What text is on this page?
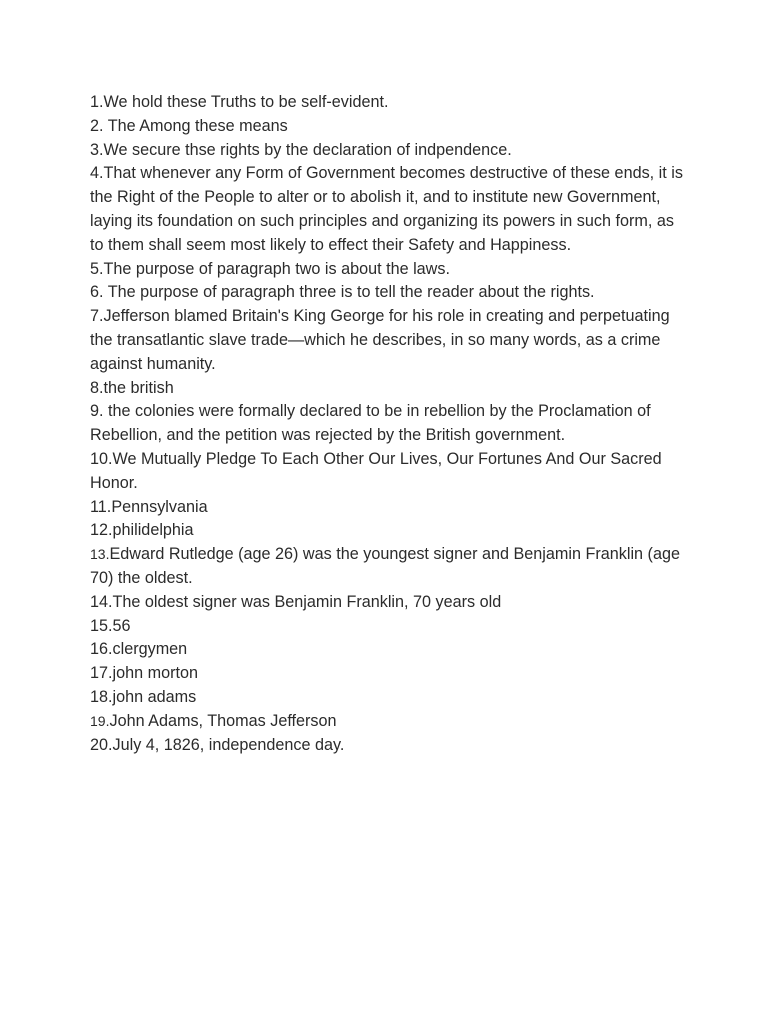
1.We hold these Truths to be self-evident.

2. The Among these means

3.We secure thse rights by the declaration of indpendence.

4.That whenever any Form of Government becomes destructive of these ends, it is the Right of the People to alter or to abolish it, and to institute new Government, laying its foundation on such principles and organizing its powers in such form, as to them shall seem most likely to effect their Safety and Happiness.

5.The purpose of paragraph two is about the laws.

6. The purpose of paragraph three is to tell the reader about the rights.

7.Jefferson blamed Britain's King George for his role in creating and perpetuating the transatlantic slave trade—which he describes, in so many words, as a crime against humanity.

8.the british

9. the colonies were formally declared to be in rebellion by the Proclamation of Rebellion, and the petition was rejected by the British government.

10.We Mutually Pledge To Each Other Our Lives, Our Fortunes And Our Sacred Honor.

11.Pennsylvania

12.philidelphia

13.Edward Rutledge (age 26) was the youngest signer and Benjamin Franklin (age 70) the oldest.

14.The oldest signer was Benjamin Franklin, 70 years old

15.56

16.clergymen

17.john morton

18.john adams

19.John Adams, Thomas Jefferson

20.July 4, 1826, independence day.
